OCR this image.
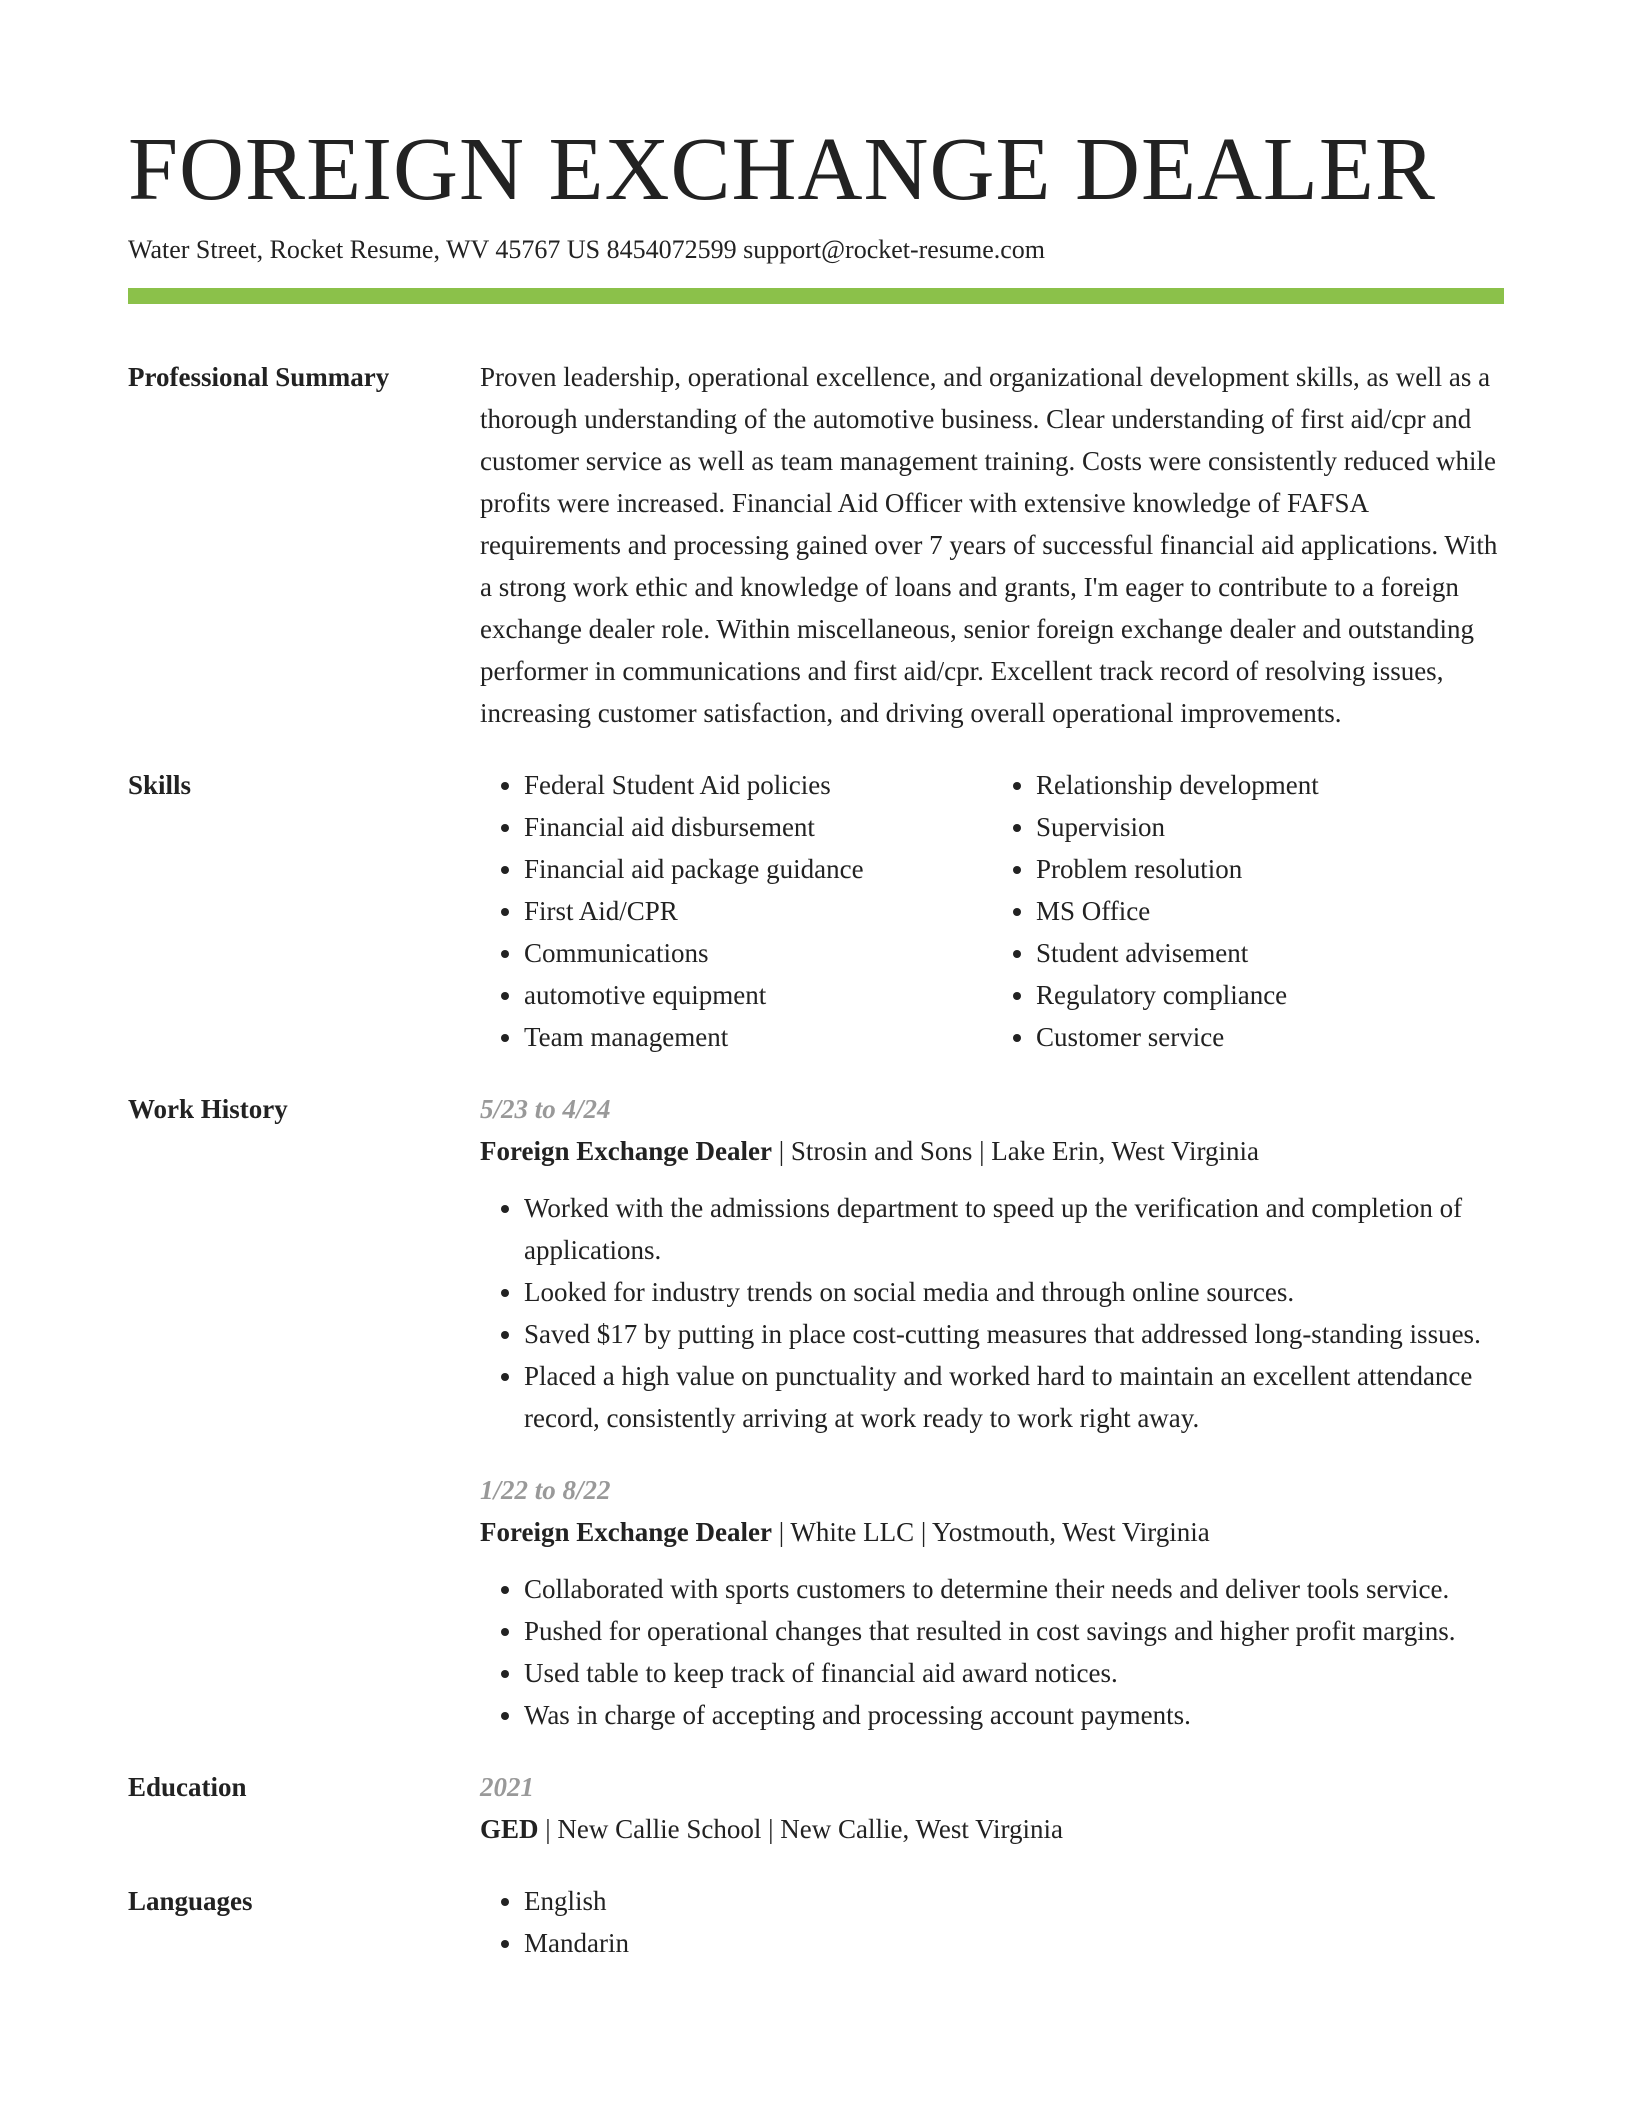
FOREIGN EXCHANGE DEALER
Water Street, Rocket Resume, WV 45767 US 8454072599 support@rocket-resume.com
Professional Summary	Proven leadership, operational excellence, and organizational development skills, as well as a thorough understanding of the automotive business. Clear understanding of first aid/cpr and customer service as well as team management training. Costs were consistently reduced while profits were increased. Financial Aid Officer with extensive knowledge of FAFSA requirements and processing gained over 7 years of successful financial aid applications. With a strong work ethic and knowledge of loans and grants, I'm eager to contribute to a foreign exchange dealer role. Within miscellaneous, senior foreign exchange dealer and outstanding performer in communications and first aid/cpr. Excellent track record of resolving issues, increasing customer satisfaction, and driving overall operational improvements.

Skills	• Federal Student Aid policies
• Financial aid disbursement
• Financial aid package guidance
• First Aid/CPR
• Communications
• automotive equipment
• Team management
• Relationship development
• Supervision
• Problem resolution
• MS Office
• Student advisement
• Regulatory compliance
• Customer service
Work History	5/23 to 4/24
Foreign Exchange Dealer | Strosin and Sons | Lake Erin, West Virginia
• Worked with the admissions department to speed up the verification and completion of applications.
• Looked for industry trends on social media and through online sources.
• Saved $17 by putting in place cost-cutting measures that addressed long-standing issues.
• Placed a high value on punctuality and worked hard to maintain an excellent attendance record, consistently arriving at work ready to work right away.
1/22 to 8/22
Foreign Exchange Dealer | White LLC | Yostmouth, West Virginia
• Collaborated with sports customers to determine their needs and deliver tools service.
• Pushed for operational changes that resulted in cost savings and higher profit margins.
• Used table to keep track of financial aid award notices.
• Was in charge of accepting and processing account payments.
Education	2021
GED | New Callie School | New Callie, West Virginia
Languages	• English
• Mandarin
